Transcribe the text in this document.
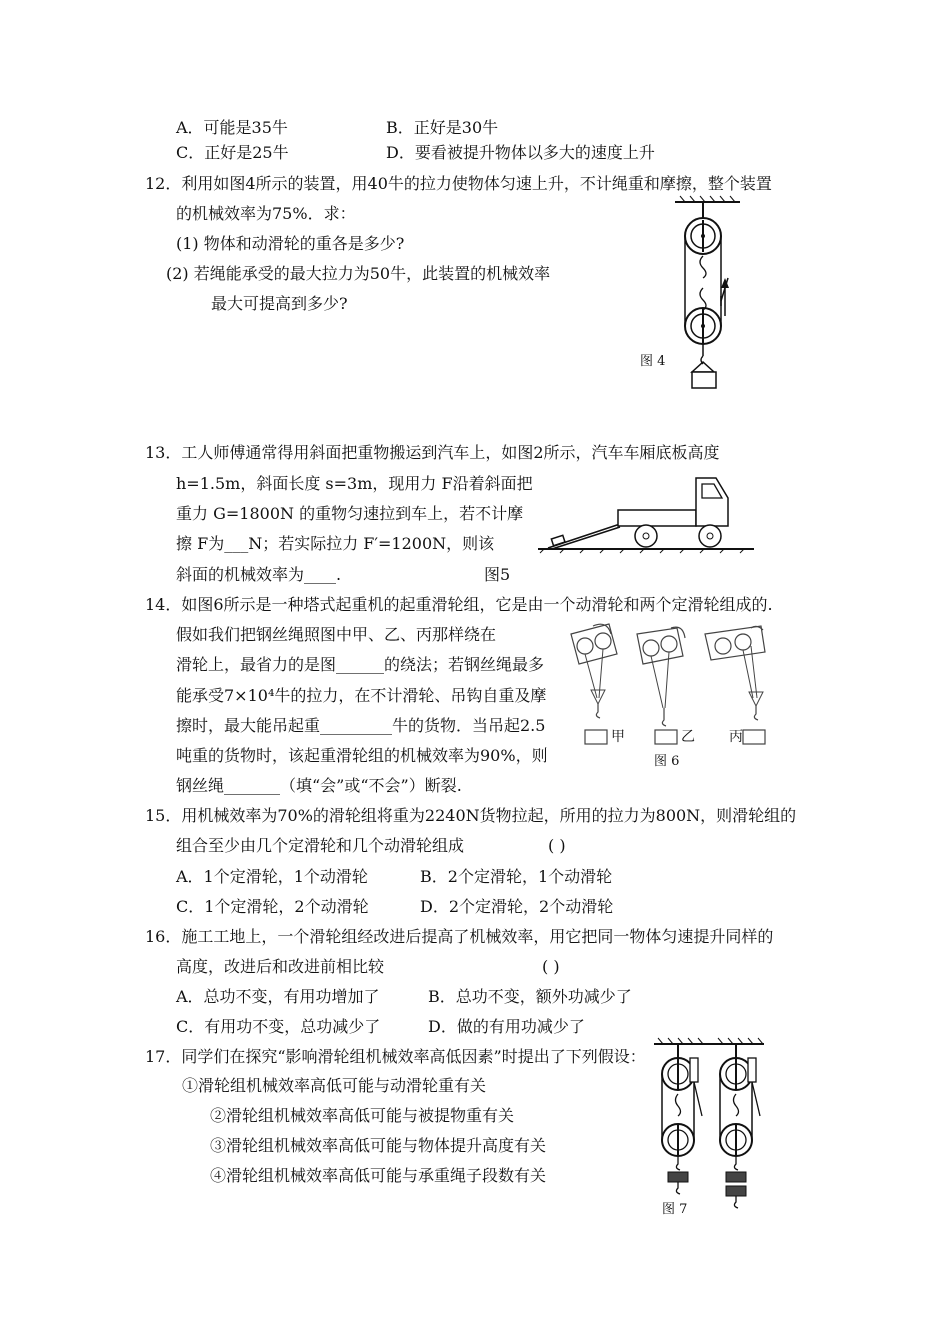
A．可能是35牛	B．正好是30牛
C．正好是25牛	D．要看被提升物体以多大的速度上升
12．利用如图4所示的装置，用40牛的拉力使物体匀速上升，不计绳重和摩擦，整个装置
的机械效率为75%．求：
(1) 物体和动滑轮的重各是多少?
(2) 若绳能承受的最大拉力为50牛，此装置的机械效率
最大可提高到多少?
图 4
13．工人师傅通常得用斜面把重物搬运到汽车上，如图2所示，汽车车厢底板高度
h=1.5m，斜面长度 s=3m，现用力 F沿着斜面把
重力 G=1800N 的重物匀速拉到车上，若不计摩
擦 F为___N；若实际拉力 F′=1200N，则该
斜面的机械效率为____.	图5
14．如图6所示是一种塔式起重机的起重滑轮组，它是由一个动滑轮和两个定滑轮组成的.
假如我们把钢丝绳照图中甲、乙、丙那样绕在
滑轮上，最省力的是图______的绕法；若钢丝绳最多
能承受7×10⁴牛的拉力，在不计滑轮、吊钩自重及摩
擦时，最大能吊起重_________牛的货物．当吊起2.5
吨重的货物时，该起重滑轮组的机械效率为90%，则
钢丝绳_______（填“会”或“不会”）断裂.
甲	乙 丙
图 6
15．用机械效率为70%的滑轮组将重为2240N货物拉起，所用的拉力为800N，则滑轮组的
组合至少由几个定滑轮和几个动滑轮组成	( )
A．1个定滑轮，1个动滑轮	B．2个定滑轮，1个动滑轮
C．1个定滑轮，2个动滑轮	D．2个定滑轮，2个动滑轮
16．施工工地上，一个滑轮组经改进后提高了机械效率，用它把同一物体匀速提升同样的
高度，改进后和改进前相比较	( )
A．总功不变，有用功增加了	B．总功不变，额外功减少了
C．有用功不变，总功减少了	D．做的有用功减少了
17．同学们在探究“影响滑轮组机械效率高低因素”时提出了下列假设：
①滑轮组机械效率高低可能与动滑轮重有关
②滑轮组机械效率高低可能与被提物重有关
③滑轮组机械效率高低可能与物体提升高度有关
④滑轮组机械效率高低可能与承重绳子段数有关
图 7
